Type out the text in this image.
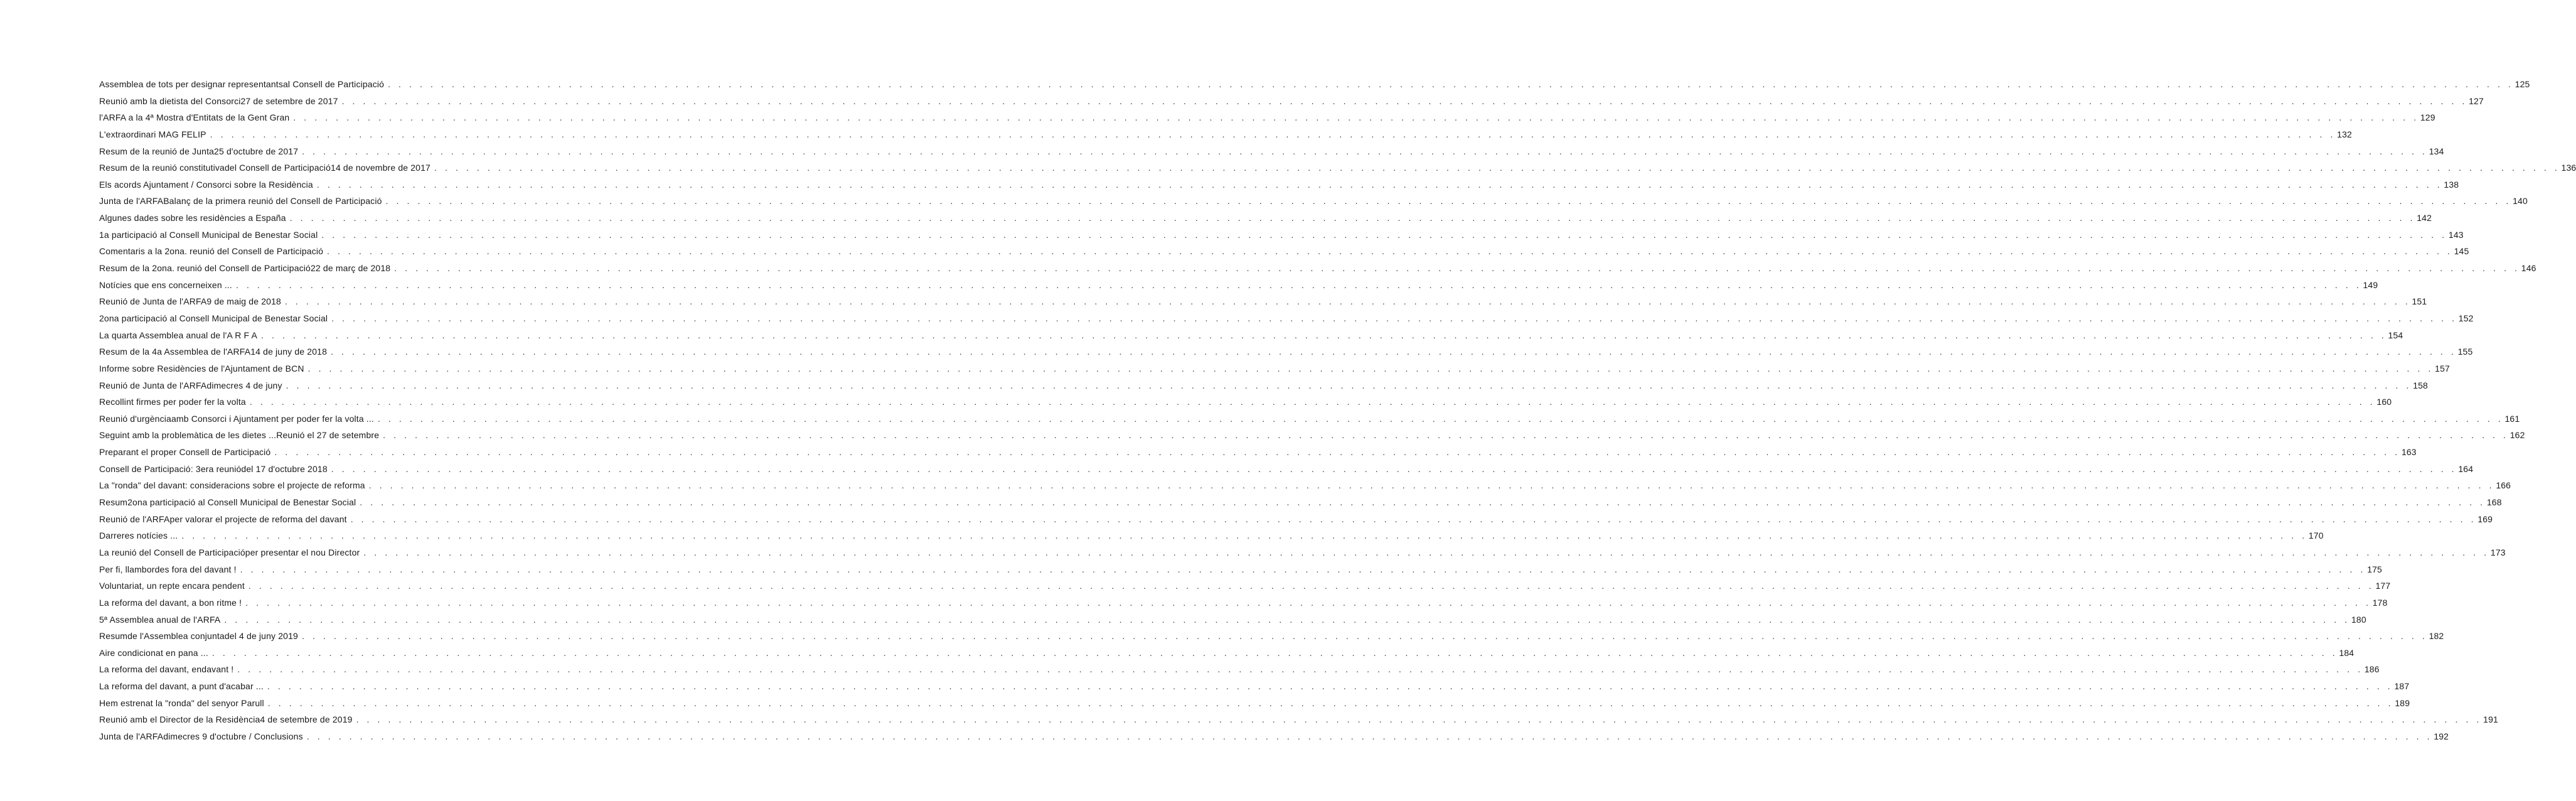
Assemblea de tots per designar representantsal Consell de Participació . . . . . . . . . . . . . . . . . . . . . . . . . . . . . . . . . . . . . . . . . . . . . . . . . . . . . . . . . . . . . . . . . . . . . . . . . . . . . . . . . . . . . . . . . . . . . . . . . . . . . . . . . . . . . . . . . . . . . . . . . . . . . . . . . . . . . . . . . . . . . . . . . . . . . . . . . . . . . . . . . . . . . . . . . . . . . . . . . . . . . . . . . . . . . . . . . . . . . . . . 125
Reunió amb la dietista del Consorci27 de setembre de 2017 . . . . . . . . . . . . . . . . . . . . . . . . . . . . . . . . . . . . . . . . . . . . . . . . . . . . . . . . . . . . . . . . . . . . . . . . . . . . . . . . . . . . . . . . . . . . . . . . . . . . . . . . . . . . . . . . . . . . . . . . . . . . . . . . . . . . . . . . . . . . . . . . . . . . . . . . . . . . . . . . . . . . . . . . . . . . . . . . . . . . . . . . . . . . . . . . . . . . . . . . 127
l'ARFA a la 4ª Mostra d'Entitats de la Gent Gran . . . . . . . . . . . . . . . . . . . . . . . . . . . . . . . . . . . . . . . . . . . . . . . . . . . . . . . . . . . . . . . . . . . . . . . . . . . . . . . . . . . . . . . . . . . . . . . . . . . . . . . . . . . . . . . . . . . . . . . . . . . . . . . . . . . . . . . . . . . . . . . . . . . . . . . . . . . . . . . . . . . . . . . . . . . . . . . . . . . . . . . . . . . . . . . . . . . . . . . . 129
L'extraordinari MAG FELIP . . . . . . . . . . . . . . . . . . . . . . . . . . . . . . . . . . . . . . . . . . . . . . . . . . . . . . . . . . . . . . . . . . . . . . . . . . . . . . . . . . . . . . . . . . . . . . . . . . . . . . . . . . . . . . . . . . . . . . . . . . . . . . . . . . . . . . . . . . . . . . . . . . . . . . . . . . . . . . . . . . . . . . . . . . . . . . . . . . . . . . . . . . . . . . . . . . . . . . . . 132
Resum de la reunió de Junta25 d'octubre de 2017 . . . . . . . . . . . . . . . . . . . . . . . . . . . . . . . . . . . . . . . . . . . . . . . . . . . . . . . . . . . . . . . . . . . . . . . . . . . . . . . . . . . . . . . . . . . . . . . . . . . . . . . . . . . . . . . . . . . . . . . . . . . . . . . . . . . . . . . . . . . . . . . . . . . . . . . . . . . . . . . . . . . . . . . . . . . . . . . . . . . . . . . . . . . . . . . . . . . . . . . . 134
Resum de la reunió constitutivadel Consell de Participació14 de novembre de 2017 . . . . . . . . . . . . . . . . . . . . . . . . . . . . . . . . . . . . . . . . . . . . . . . . . . . . . . . . . . . . . . . . . . . . . . . . . . . . . . . . . . . . . . . . . . . . . . . . . . . . . . . . . . . . . . . . . . . . . . . . . . . . . . . . . . . . . . . . . . . . . . . . . . . . . . . . . . . . . . . . . . . . . . . . . . . . . . . . . . . . . . . . . . . . . . . . . . . . . . . . 136
Els acords Ajuntament / Consorci sobre la Residència . . . . . . . . . . . . . . . . . . . . . . . . . . . . . . . . . . . . . . . . . . . . . . . . . . . . . . . . . . . . . . . . . . . . . . . . . . . . . . . . . . . . . . . . . . . . . . . . . . . . . . . . . . . . . . . . . . . . . . . . . . . . . . . . . . . . . . . . . . . . . . . . . . . . . . . . . . . . . . . . . . . . . . . . . . . . . . . . . . . . . . . . . . . . . . . . . . . . . . . . 138
Junta de l'ARFABalanç de la primera reunió del Consell de Participació . . . . . . . . . . . . . . . . . . . . . . . . . . . . . . . . . . . . . . . . . . . . . . . . . . . . . . . . . . . . . . . . . . . . . . . . . . . . . . . . . . . . . . . . . . . . . . . . . . . . . . . . . . . . . . . . . . . . . . . . . . . . . . . . . . . . . . . . . . . . . . . . . . . . . . . . . . . . . . . . . . . . . . . . . . . . . . . . . . . . . . . . . . . . . . . . . . . . . . . . 140
Algunes dades sobre les residències a España . . . . . . . . . . . . . . . . . . . . . . . . . . . . . . . . . . . . . . . . . . . . . . . . . . . . . . . . . . . . . . . . . . . . . . . . . . . . . . . . . . . . . . . . . . . . . . . . . . . . . . . . . . . . . . . . . . . . . . . . . . . . . . . . . . . . . . . . . . . . . . . . . . . . . . . . . . . . . . . . . . . . . . . . . . . . . . . . . . . . . . . . . . . . . . . . . . . . . . . . 142
1a participació al Consell Municipal de Benestar Social . . . . . . . . . . . . . . . . . . . . . . . . . . . . . . . . . . . . . . . . . . . . . . . . . . . . . . . . . . . . . . . . . . . . . . . . . . . . . . . . . . . . . . . . . . . . . . . . . . . . . . . . . . . . . . . . . . . . . . . . . . . . . . . . . . . . . . . . . . . . . . . . . . . . . . . . . . . . . . . . . . . . . . . . . . . . . . . . . . . . . . . . . . . . . . . . . . . . . . . . 143
Comentaris a la 2ona. reunió del Consell de Participació . . . . . . . . . . . . . . . . . . . . . . . . . . . . . . . . . . . . . . . . . . . . . . . . . . . . . . . . . . . . . . . . . . . . . . . . . . . . . . . . . . . . . . . . . . . . . . . . . . . . . . . . . . . . . . . . . . . . . . . . . . . . . . . . . . . . . . . . . . . . . . . . . . . . . . . . . . . . . . . . . . . . . . . . . . . . . . . . . . . . . . . . . . . . . . . . . . . . . . . . 145
Resum de la 2ona. reunió del Consell de Participació22 de març de 2018 . . . . . . . . . . . . . . . . . . . . . . . . . . . . . . . . . . . . . . . . . . . . . . . . . . . . . . . . . . . . . . . . . . . . . . . . . . . . . . . . . . . . . . . . . . . . . . . . . . . . . . . . . . . . . . . . . . . . . . . . . . . . . . . . . . . . . . . . . . . . . . . . . . . . . . . . . . . . . . . . . . . . . . . . . . . . . . . . . . . . . . . . . . . . . . . . . . . . . . . . 146
Notícies que ens concerneixen ... . . . . . . . . . . . . . . . . . . . . . . . . . . . . . . . . . . . . . . . . . . . . . . . . . . . . . . . . . . . . . . . . . . . . . . . . . . . . . . . . . . . . . . . . . . . . . . . . . . . . . . . . . . . . . . . . . . . . . . . . . . . . . . . . . . . . . . . . . . . . . . . . . . . . . . . . . . . . . . . . . . . . . . . . . . . . . . . . . . . . . . . . . . . . . . . . . . . . . . . . 149
Reunió de Junta de l'ARFA9 de maig de 2018 . . . . . . . . . . . . . . . . . . . . . . . . . . . . . . . . . . . . . . . . . . . . . . . . . . . . . . . . . . . . . . . . . . . . . . . . . . . . . . . . . . . . . . . . . . . . . . . . . . . . . . . . . . . . . . . . . . . . . . . . . . . . . . . . . . . . . . . . . . . . . . . . . . . . . . . . . . . . . . . . . . . . . . . . . . . . . . . . . . . . . . . . . . . . . . . . . . . . . . . . 151
2ona participació al Consell Municipal de Benestar Social . . . . . . . . . . . . . . . . . . . . . . . . . . . . . . . . . . . . . . . . . . . . . . . . . . . . . . . . . . . . . . . . . . . . . . . . . . . . . . . . . . . . . . . . . . . . . . . . . . . . . . . . . . . . . . . . . . . . . . . . . . . . . . . . . . . . . . . . . . . . . . . . . . . . . . . . . . . . . . . . . . . . . . . . . . . . . . . . . . . . . . . . . . . . . . . . . . . . . . . . 152
La quarta Assemblea anual de l'A R F A . . . . . . . . . . . . . . . . . . . . . . . . . . . . . . . . . . . . . . . . . . . . . . . . . . . . . . . . . . . . . . . . . . . . . . . . . . . . . . . . . . . . . . . . . . . . . . . . . . . . . . . . . . . . . . . . . . . . . . . . . . . . . . . . . . . . . . . . . . . . . . . . . . . . . . . . . . . . . . . . . . . . . . . . . . . . . . . . . . . . . . . . . . . . . . . . . . . . . . . . 154
Resum de la 4a Assemblea de l'ARFA14 de juny de 2018 . . . . . . . . . . . . . . . . . . . . . . . . . . . . . . . . . . . . . . . . . . . . . . . . . . . . . . . . . . . . . . . . . . . . . . . . . . . . . . . . . . . . . . . . . . . . . . . . . . . . . . . . . . . . . . . . . . . . . . . . . . . . . . . . . . . . . . . . . . . . . . . . . . . . . . . . . . . . . . . . . . . . . . . . . . . . . . . . . . . . . . . . . . . . . . . . . . . . . . . . 155
Informe sobre Residències de l'Ajuntament de BCN . . . . . . . . . . . . . . . . . . . . . . . . . . . . . . . . . . . . . . . . . . . . . . . . . . . . . . . . . . . . . . . . . . . . . . . . . . . . . . . . . . . . . . . . . . . . . . . . . . . . . . . . . . . . . . . . . . . . . . . . . . . . . . . . . . . . . . . . . . . . . . . . . . . . . . . . . . . . . . . . . . . . . . . . . . . . . . . . . . . . . . . . . . . . . . . . . . . . . . . . 157
Reunió de Junta de l'ARFAdimecres 4 de juny . . . . . . . . . . . . . . . . . . . . . . . . . . . . . . . . . . . . . . . . . . . . . . . . . . . . . . . . . . . . . . . . . . . . . . . . . . . . . . . . . . . . . . . . . . . . . . . . . . . . . . . . . . . . . . . . . . . . . . . . . . . . . . . . . . . . . . . . . . . . . . . . . . . . . . . . . . . . . . . . . . . . . . . . . . . . . . . . . . . . . . . . . . . . . . . . . . . . . . . . 158
Recollint firmes per poder fer la volta . . . . . . . . . . . . . . . . . . . . . . . . . . . . . . . . . . . . . . . . . . . . . . . . . . . . . . . . . . . . . . . . . . . . . . . . . . . . . . . . . . . . . . . . . . . . . . . . . . . . . . . . . . . . . . . . . . . . . . . . . . . . . . . . . . . . . . . . . . . . . . . . . . . . . . . . . . . . . . . . . . . . . . . . . . . . . . . . . . . . . . . . . . . . . . . . . . . . . . . . 160
Reunió d'urgènciaamb Consorci i Ajuntament per poder fer la volta ... . . . . . . . . . . . . . . . . . . . . . . . . . . . . . . . . . . . . . . . . . . . . . . . . . . . . . . . . . . . . . . . . . . . . . . . . . . . . . . . . . . . . . . . . . . . . . . . . . . . . . . . . . . . . . . . . . . . . . . . . . . . . . . . . . . . . . . . . . . . . . . . . . . . . . . . . . . . . . . . . . . . . . . . . . . . . . . . . . . . . . . . . . . . . . . . . . . . . . . . . 161
Seguint amb la problemàtica de les dietes ...Reunió el 27 de setembre . . . . . . . . . . . . . . . . . . . . . . . . . . . . . . . . . . . . . . . . . . . . . . . . . . . . . . . . . . . . . . . . . . . . . . . . . . . . . . . . . . . . . . . . . . . . . . . . . . . . . . . . . . . . . . . . . . . . . . . . . . . . . . . . . . . . . . . . . . . . . . . . . . . . . . . . . . . . . . . . . . . . . . . . . . . . . . . . . . . . . . . . . . . . . . . . . . . . . . . . 162
Preparant el proper Consell de Participació . . . . . . . . . . . . . . . . . . . . . . . . . . . . . . . . . . . . . . . . . . . . . . . . . . . . . . . . . . . . . . . . . . . . . . . . . . . . . . . . . . . . . . . . . . . . . . . . . . . . . . . . . . . . . . . . . . . . . . . . . . . . . . . . . . . . . . . . . . . . . . . . . . . . . . . . . . . . . . . . . . . . . . . . . . . . . . . . . . . . . . . . . . . . . . . . . . . . . . . . 163
Consell de Participació: 3era reuniódel 17 d'octubre 2018 . . . . . . . . . . . . . . . . . . . . . . . . . . . . . . . . . . . . . . . . . . . . . . . . . . . . . . . . . . . . . . . . . . . . . . . . . . . . . . . . . . . . . . . . . . . . . . . . . . . . . . . . . . . . . . . . . . . . . . . . . . . . . . . . . . . . . . . . . . . . . . . . . . . . . . . . . . . . . . . . . . . . . . . . . . . . . . . . . . . . . . . . . . . . . . . . . . . . . . . . 164
La "ronda" del davant: consideracions sobre el projecte de reforma . . . . . . . . . . . . . . . . . . . . . . . . . . . . . . . . . . . . . . . . . . . . . . . . . . . . . . . . . . . . . . . . . . . . . . . . . . . . . . . . . . . . . . . . . . . . . . . . . . . . . . . . . . . . . . . . . . . . . . . . . . . . . . . . . . . . . . . . . . . . . . . . . . . . . . . . . . . . . . . . . . . . . . . . . . . . . . . . . . . . . . . . . . . . . . . . . . . . . . . . 166
Resum2ona participació al Consell Municipal de Benestar Social . . . . . . . . . . . . . . . . . . . . . . . . . . . . . . . . . . . . . . . . . . . . . . . . . . . . . . . . . . . . . . . . . . . . . . . . . . . . . . . . . . . . . . . . . . . . . . . . . . . . . . . . . . . . . . . . . . . . . . . . . . . . . . . . . . . . . . . . . . . . . . . . . . . . . . . . . . . . . . . . . . . . . . . . . . . . . . . . . . . . . . . . . . . . . . . . . . . . . . . . 168
Reunió de l'ARFAper valorar el projecte de reforma del davant . . . . . . . . . . . . . . . . . . . . . . . . . . . . . . . . . . . . . . . . . . . . . . . . . . . . . . . . . . . . . . . . . . . . . . . . . . . . . . . . . . . . . . . . . . . . . . . . . . . . . . . . . . . . . . . . . . . . . . . . . . . . . . . . . . . . . . . . . . . . . . . . . . . . . . . . . . . . . . . . . . . . . . . . . . . . . . . . . . . . . . . . . . . . . . . . . . . . . . . . 169
Darreres notícies ... . . . . . . . . . . . . . . . . . . . . . . . . . . . . . . . . . . . . . . . . . . . . . . . . . . . . . . . . . . . . . . . . . . . . . . . . . . . . . . . . . . . . . . . . . . . . . . . . . . . . . . . . . . . . . . . . . . . . . . . . . . . . . . . . . . . . . . . . . . . . . . . . . . . . . . . . . . . . . . . . . . . . . . . . . . . . . . . . . . . . . . . . . . . . . . . . . . . . . . . . 170
La reunió del Consell de Participacióper presentar el nou Director . . . . . . . . . . . . . . . . . . . . . . . . . . . . . . . . . . . . . . . . . . . . . . . . . . . . . . . . . . . . . . . . . . . . . . . . . . . . . . . . . . . . . . . . . . . . . . . . . . . . . . . . . . . . . . . . . . . . . . . . . . . . . . . . . . . . . . . . . . . . . . . . . . . . . . . . . . . . . . . . . . . . . . . . . . . . . . . . . . . . . . . . . . . . . . . . . . . . . . . . 173
Per fi, llambordes fora del davant ! . . . . . . . . . . . . . . . . . . . . . . . . . . . . . . . . . . . . . . . . . . . . . . . . . . . . . . . . . . . . . . . . . . . . . . . . . . . . . . . . . . . . . . . . . . . . . . . . . . . . . . . . . . . . . . . . . . . . . . . . . . . . . . . . . . . . . . . . . . . . . . . . . . . . . . . . . . . . . . . . . . . . . . . . . . . . . . . . . . . . . . . . . . . . . . . . . . . . . . . . 175
Voluntariat, un repte encara pendent . . . . . . . . . . . . . . . . . . . . . . . . . . . . . . . . . . . . . . . . . . . . . . . . . . . . . . . . . . . . . . . . . . . . . . . . . . . . . . . . . . . . . . . . . . . . . . . . . . . . . . . . . . . . . . . . . . . . . . . . . . . . . . . . . . . . . . . . . . . . . . . . . . . . . . . . . . . . . . . . . . . . . . . . . . . . . . . . . . . . . . . . . . . . . . . . . . . . . . . . 177
La reforma del davant, a bon ritme ! . . . . . . . . . . . . . . . . . . . . . . . . . . . . . . . . . . . . . . . . . . . . . . . . . . . . . . . . . . . . . . . . . . . . . . . . . . . . . . . . . . . . . . . . . . . . . . . . . . . . . . . . . . . . . . . . . . . . . . . . . . . . . . . . . . . . . . . . . . . . . . . . . . . . . . . . . . . . . . . . . . . . . . . . . . . . . . . . . . . . . . . . . . . . . . . . . . . . . . . . 178
5ª Assemblea anual de l'ARFA . . . . . . . . . . . . . . . . . . . . . . . . . . . . . . . . . . . . . . . . . . . . . . . . . . . . . . . . . . . . . . . . . . . . . . . . . . . . . . . . . . . . . . . . . . . . . . . . . . . . . . . . . . . . . . . . . . . . . . . . . . . . . . . . . . . . . . . . . . . . . . . . . . . . . . . . . . . . . . . . . . . . . . . . . . . . . . . . . . . . . . . . . . . . . . . . . . . . . . . . 180
Resumde l'Assemblea conjuntadel 4 de juny 2019 . . . . . . . . . . . . . . . . . . . . . . . . . . . . . . . . . . . . . . . . . . . . . . . . . . . . . . . . . . . . . . . . . . . . . . . . . . . . . . . . . . . . . . . . . . . . . . . . . . . . . . . . . . . . . . . . . . . . . . . . . . . . . . . . . . . . . . . . . . . . . . . . . . . . . . . . . . . . . . . . . . . . . . . . . . . . . . . . . . . . . . . . . . . . . . . . . . . . . . . . 182
Aire condicionat en pana ... . . . . . . . . . . . . . . . . . . . . . . . . . . . . . . . . . . . . . . . . . . . . . . . . . . . . . . . . . . . . . . . . . . . . . . . . . . . . . . . . . . . . . . . . . . . . . . . . . . . . . . . . . . . . . . . . . . . . . . . . . . . . . . . . . . . . . . . . . . . . . . . . . . . . . . . . . . . . . . . . . . . . . . . . . . . . . . . . . . . . . . . . . . . . . . . . . . . . . . . . 184
La reforma del davant, endavant ! . . . . . . . . . . . . . . . . . . . . . . . . . . . . . . . . . . . . . . . . . . . . . . . . . . . . . . . . . . . . . . . . . . . . . . . . . . . . . . . . . . . . . . . . . . . . . . . . . . . . . . . . . . . . . . . . . . . . . . . . . . . . . . . . . . . . . . . . . . . . . . . . . . . . . . . . . . . . . . . . . . . . . . . . . . . . . . . . . . . . . . . . . . . . . . . . . . . . . . . . 186
La reforma del davant, a punt d'acabar ... . . . . . . . . . . . . . . . . . . . . . . . . . . . . . . . . . . . . . . . . . . . . . . . . . . . . . . . . . . . . . . . . . . . . . . . . . . . . . . . . . . . . . . . . . . . . . . . . . . . . . . . . . . . . . . . . . . . . . . . . . . . . . . . . . . . . . . . . . . . . . . . . . . . . . . . . . . . . . . . . . . . . . . . . . . . . . . . . . . . . . . . . . . . . . . . . . . . . . . . . 187
Hem estrenat la "ronda" del senyor Parull . . . . . . . . . . . . . . . . . . . . . . . . . . . . . . . . . . . . . . . . . . . . . . . . . . . . . . . . . . . . . . . . . . . . . . . . . . . . . . . . . . . . . . . . . . . . . . . . . . . . . . . . . . . . . . . . . . . . . . . . . . . . . . . . . . . . . . . . . . . . . . . . . . . . . . . . . . . . . . . . . . . . . . . . . . . . . . . . . . . . . . . . . . . . . . . . . . . . . . . . 189
Reunió amb el Director de la Residència4 de setembre de 2019 . . . . . . . . . . . . . . . . . . . . . . . . . . . . . . . . . . . . . . . . . . . . . . . . . . . . . . . . . . . . . . . . . . . . . . . . . . . . . . . . . . . . . . . . . . . . . . . . . . . . . . . . . . . . . . . . . . . . . . . . . . . . . . . . . . . . . . . . . . . . . . . . . . . . . . . . . . . . . . . . . . . . . . . . . . . . . . . . . . . . . . . . . . . . . . . . . . . . . . . . 191
Junta de l'ARFAdimecres 9 d'octubre / Conclusions . . . . . . . . . . . . . . . . . . . . . . . . . . . . . . . . . . . . . . . . . . . . . . . . . . . . . . . . . . . . . . . . . . . . . . . . . . . . . . . . . . . . . . . . . . . . . . . . . . . . . . . . . . . . . . . . . . . . . . . . . . . . . . . . . . . . . . . . . . . . . . . . . . . . . . . . . . . . . . . . . . . . . . . . . . . . . . . . . . . . . . . . . . . . . . . . . . . . . . . . 192
